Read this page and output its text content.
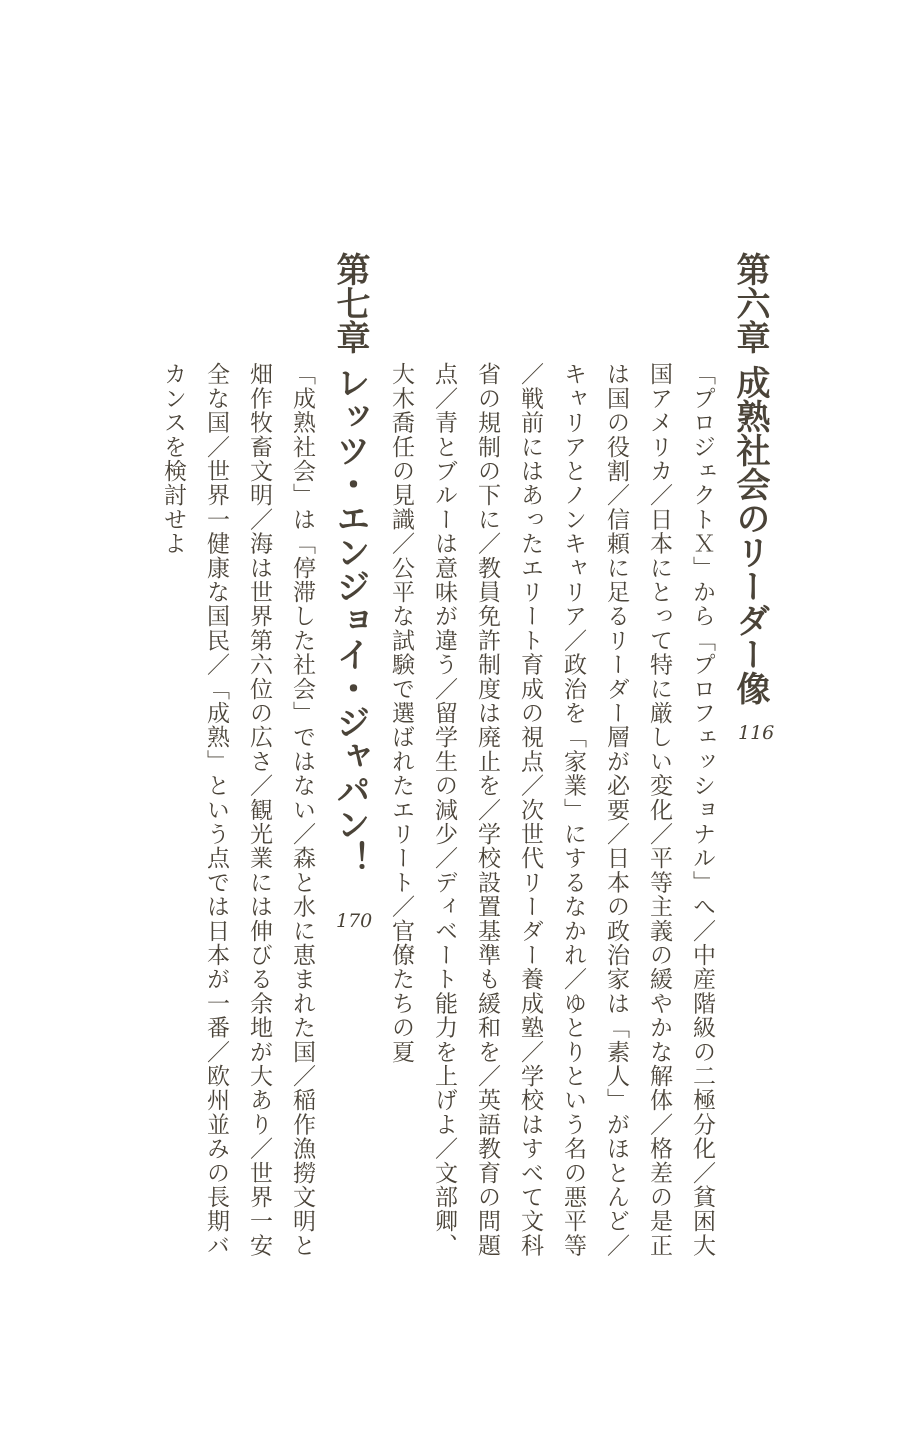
第六章
成熟社会のリーダー像
116
「プロジェクトＸ」から「プロフェッショナル」へ／中産階級の二極分化／貧困大
国アメリカ／日本にとって特に厳しい変化／平等主義の緩やかな解体／格差の是正
は国の役割／信頼に足るリーダー層が必要／日本の政治家は「素人」がほとんど／
キャリアとノンキャリア／政治を「家業」にするなかれ／ゆとりという名の悪平等
／戦前にはあったエリート育成の視点／次世代リーダー養成塾／学校はすべて文科
省の規制の下に／教員免許制度は廃止を／学校設置基準も緩和を／英語教育の問題
点／青とブルーは意味が違う／留学生の減少／ディベート能力を上げよ／文部卿、
大木喬任の見識／公平な試験で選ばれたエリート／官僚たちの夏
第七章
レッツ・エンジョイ・ジャパン！
170
「成熟社会」は「停滞した社会」ではない／森と水に恵まれた国／稲作漁撈文明と
畑作牧畜文明／海は世界第六位の広さ／観光業には伸びる余地が大あり／世界一安
全な国／世界一健康な国民／「成熟」という点では日本が一番／欧州並みの長期バ
カンスを検討せよ
